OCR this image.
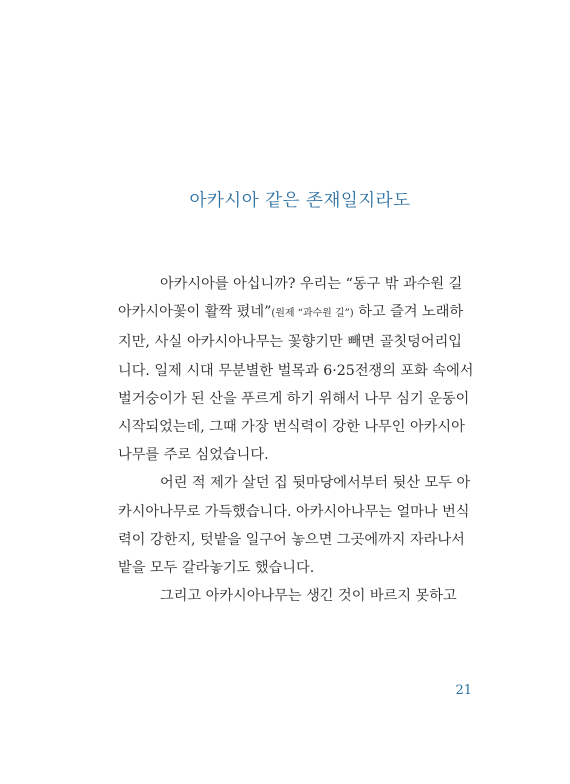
아카시아 같은 존재일지라도
아카시아를 아십니까? 우리는 “동구 밖 과수원 길
아카시아꽃이 활짝 폈네”(원제 “과수원 길”) 하고 즐겨 노래하
지만, 사실 아카시아나무는 꽃향기만 빼면 골칫덩어리입
니다. 일제 시대 무분별한 벌목과 6·25전쟁의 포화 속에서
벌거숭이가 된 산을 푸르게 하기 위해서 나무 심기 운동이
시작되었는데, 그때 가장 번식력이 강한 나무인 아카시아
나무를 주로 심었습니다.
어린 적 제가 살던 집 뒷마당에서부터 뒷산 모두 아
카시아나무로 가득했습니다. 아카시아나무는 얼마나 번식
력이 강한지, 텃밭을 일구어 놓으면 그곳에까지 자라나서
밭을 모두 갈라놓기도 했습니다.
그리고 아카시아나무는 생긴 것이 바르지 못하고
21
